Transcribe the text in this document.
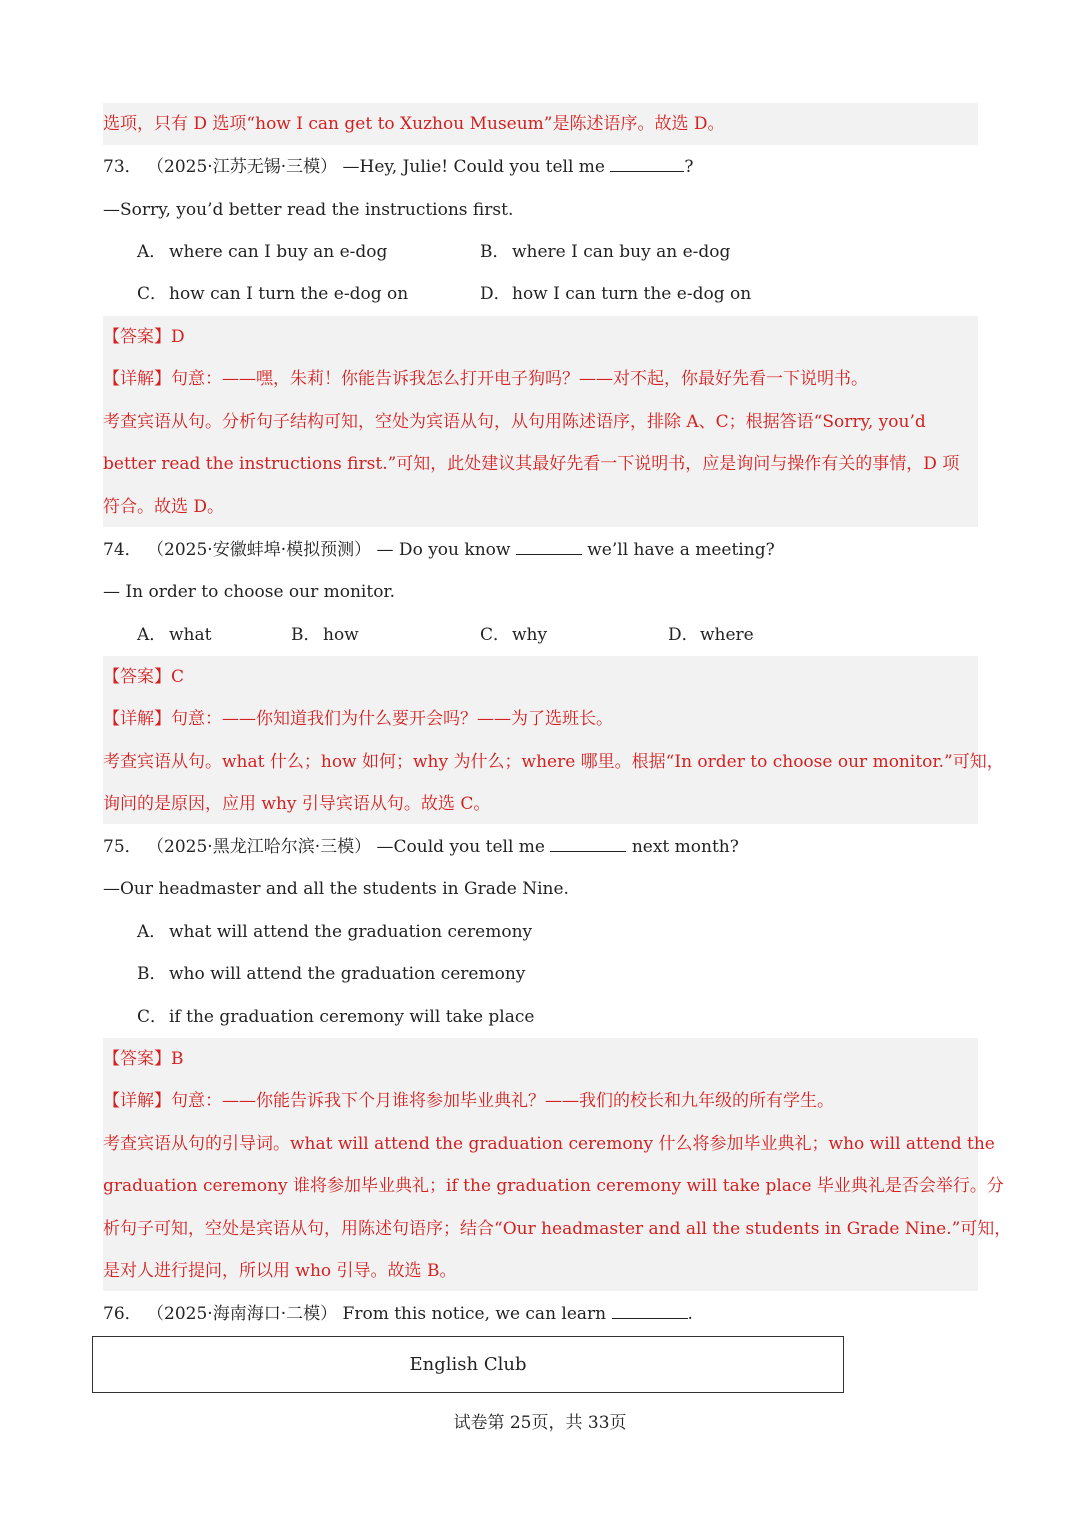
选项，只有 D 选项“how I can get to Xuzhou Museum”是陈述语序。故选 D。
73． （2025·江苏无锡·三模） —Hey, Julie! Could you tell me	?
—Sorry, you’d better read the instructions first.
A． where can I buy an e-dog	B． where I can buy an e-dog
C． how can I turn the e-dog on	D．how I can turn the e-dog on
【答案】D
【详解】句意：——嘿，朱莉！你能告诉我怎么打开电子狗吗？——对不起，你最好先看一下说明书。
考查宾语从句。分析句子结构可知，空处为宾语从句，从句用陈述语序，排除 A、C；根据答语“Sorry, you’d
better read the instructions first.”可知，此处建议其最好先看一下说明书，应是询问与操作有关的事情，D 项
符合。故选 D。
74． （2025·安徽蚌埠·模拟预测） — Do you know	we’ll have a meeting?
— In order to choose our monitor.
A． what	B． how	C． why	D．where
【答案】C
【详解】句意：——你知道我们为什么要开会吗？——为了选班长。
考查宾语从句。what 什么；how 如何；why 为什么；where 哪里。根据“In order to choose our monitor.”可知，
询问的是原因，应用 why 引导宾语从句。故选 C。
75． （2025·黑龙江哈尔滨·三模） —Could you tell me	next month?
—Our headmaster and all the students in Grade Nine.
A． what will attend the graduation ceremony
B． who will attend the graduation ceremony
C． if the graduation ceremony will take place
【答案】B
【详解】句意：——你能告诉我下个月谁将参加毕业典礼？——我们的校长和九年级的所有学生。
考查宾语从句的引导词。what will attend the graduation ceremony 什么将参加毕业典礼；who will attend the
graduation ceremony 谁将参加毕业典礼；if the graduation ceremony will take place 毕业典礼是否会举行。分
析句子可知，空处是宾语从句，用陈述句语序；结合“Our headmaster and all the students in Grade Nine.”可知，
是对人进行提问，所以用 who 引导。故选 B。
76． （2025·海南海口·二模） From this notice, we can learn	.
English Club
试卷第 25页，共 33页
